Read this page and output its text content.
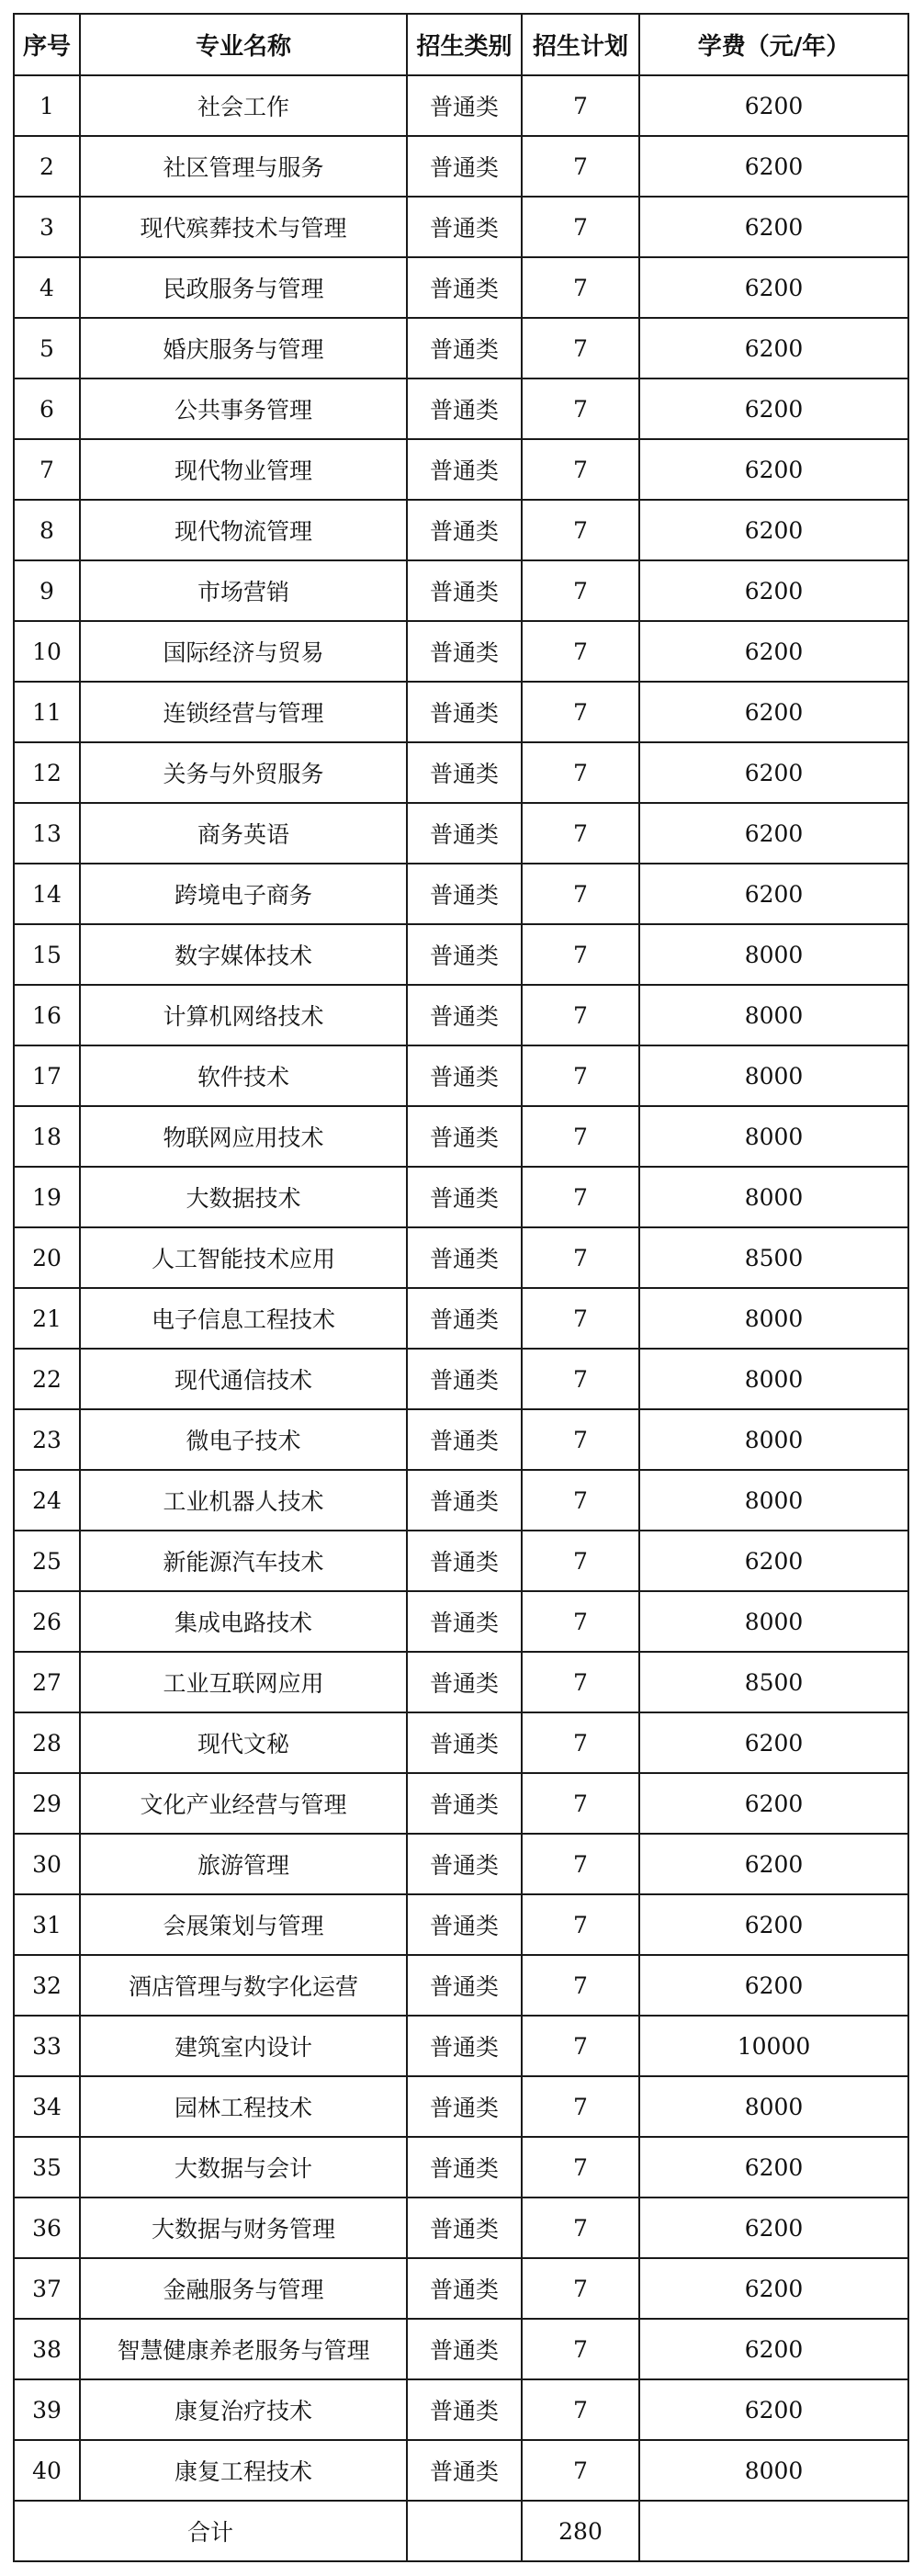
序号	专业名称	招生类别	招生计划	学费（元/年）
1	社会工作	普通类	7	6200
2	社区管理与服务	普通类	7	6200
3	现代殡葬技术与管理	普通类	7	6200
4	民政服务与管理	普通类	7	6200
5	婚庆服务与管理	普通类	7	6200
6	公共事务管理	普通类	7	6200
7	现代物业管理	普通类	7	6200
8	现代物流管理	普通类	7	6200
9	市场营销	普通类	7	6200
10	国际经济与贸易	普通类	7	6200
11	连锁经营与管理	普通类	7	6200
12	关务与外贸服务	普通类	7	6200
13	商务英语	普通类	7	6200
14	跨境电子商务	普通类	7	6200
15	数字媒体技术	普通类	7	8000
16	计算机网络技术	普通类	7	8000
17	软件技术	普通类	7	8000
18	物联网应用技术	普通类	7	8000
19	大数据技术	普通类	7	8000
20	人工智能技术应用	普通类	7	8500
21	电子信息工程技术	普通类	7	8000
22	现代通信技术	普通类	7	8000
23	微电子技术	普通类	7	8000
24	工业机器人技术	普通类	7	8000
25	新能源汽车技术	普通类	7	6200
26	集成电路技术	普通类	7	8000
27	工业互联网应用	普通类	7	8500
28	现代文秘	普通类	7	6200
29	文化产业经营与管理	普通类	7	6200
30	旅游管理	普通类	7	6200
31	会展策划与管理	普通类	7	6200
32	酒店管理与数字化运营	普通类	7	6200
33	建筑室内设计	普通类	7	10000
34	园林工程技术	普通类	7	8000
35	大数据与会计	普通类	7	6200
36	大数据与财务管理	普通类	7	6200
37	金融服务与管理	普通类	7	6200
38	智慧健康养老服务与管理	普通类	7	6200
39	康复治疗技术	普通类	7	6200
40	康复工程技术	普通类	7	8000
合计			280	
